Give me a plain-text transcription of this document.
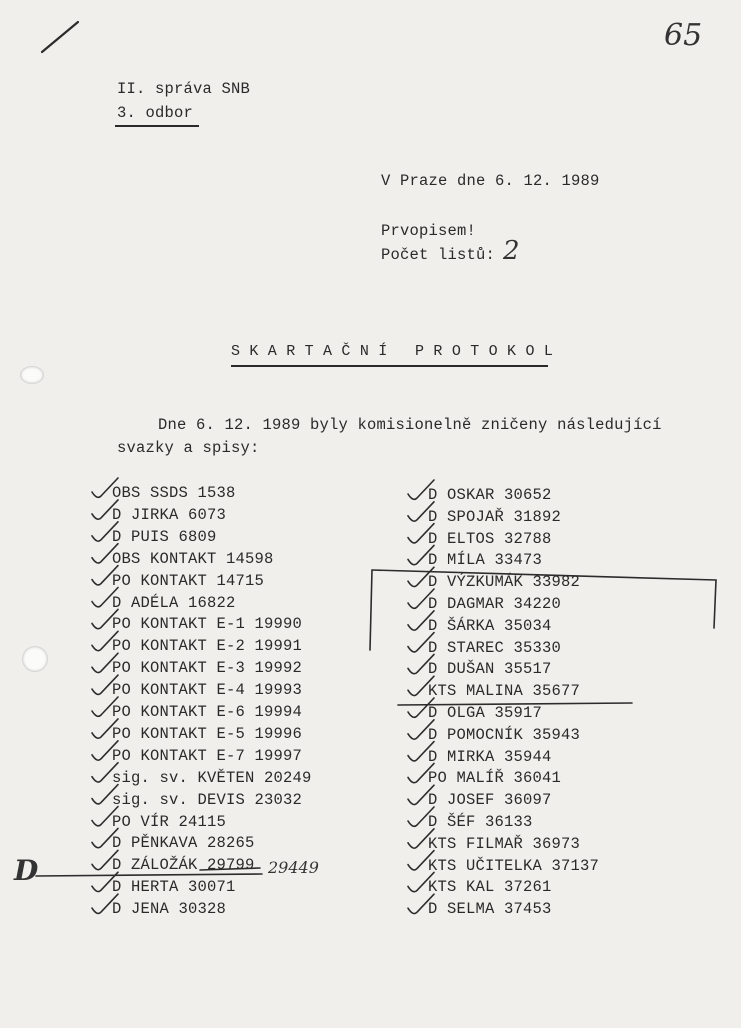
65
II. správa SNB
3. odbor
V Praze dne 6. 12. 1989
Prvopisem!
Počet listů: 2
S K A R T A Č N Í   P R O T O K O L
Dne 6. 12. 1989 byly komisionelně zničeny následující
svazky a spisy:
OBS SSDS 1538
D JIRKA 6073
D PUIS 6809
OBS KONTAKT 14598
PO KONTAKT 14715
D ADÉLA 16822
PO KONTAKT E-1 19990
PO KONTAKT E-2 19991
PO KONTAKT E-3 19992
PO KONTAKT E-4 19993
PO KONTAKT E-6 19994
PO KONTAKT E-5 19996
PO KONTAKT E-7 19997
sig. sv. KVĚTEN 20249
sig. sv. DEVIS 23032
PO VÍR 24115
D PĚNKAVA 28265
D ZÁLOŽÁK 29799
D HERTA 30071
D JENA 30328
D OSKAR 30652
D SPOJAŘ 31892
D ELTOS 32788
D MÍLA 33473
D VÝZKUMÁK 33982
D DAGMAR 34220
D ŠÁRKA 35034
D STAREC 35330
D DUŠAN 35517
KTS MALINA 35677
D OLGA 35917
D POMOCNÍK 35943
D MIRKA 35944
PO MALÍŘ 36041
D JOSEF 36097
D ŠÉF 36133
KTS FILMAŘ 36973
KTS UČITELKA 37137
KTS KAL 37261
D SELMA 37453
29449
D
